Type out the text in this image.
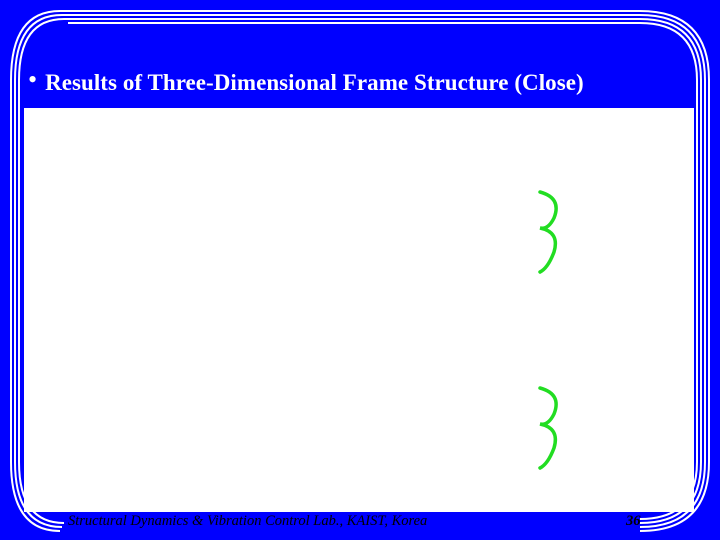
• Results of Three-Dimensional Frame Structure (Close)
Structural Dynamics & Vibration Control Lab., KAIST, Korea	36
